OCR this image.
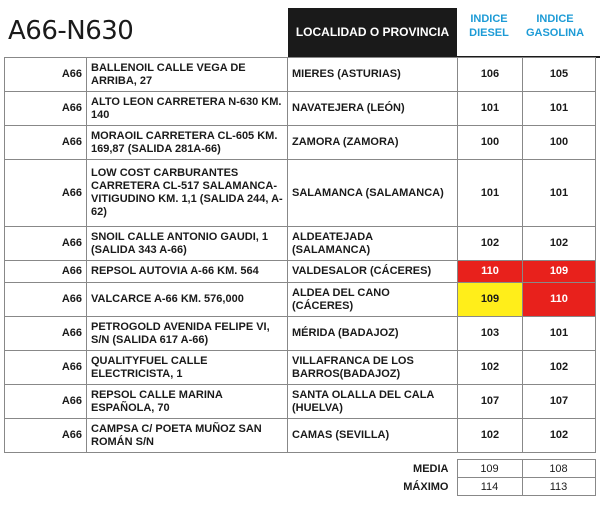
A66-N630	LOCALIDAD O PROVINCIA
INDICE
DIESEL
INDICE
GASOLINA
A66	BALLENOIL CALLE VEGA DE ARRIBA, 27	MIERES (ASTURIAS)	106	105
A66	ALTO LEON CARRETERA N-630 KM. 140	NAVATEJERA (LEÓN)	101	101
A66	MORAOIL CARRETERA CL-605 KM. 169,87 (SALIDA 281A-66)	ZAMORA (ZAMORA)	100	100
A66	LOW COST CARBURANTES CARRETERA CL-517 SALAMANCA-VITIGUDINO KM. 1,1 (SALIDA 244, A-62)	SALAMANCA (SALAMANCA)	101	101
A66	SNOIL CALLE ANTONIO GAUDI, 1 (SALIDA 343 A-66)	ALDEATEJADA (SALAMANCA)	102	102
A66	REPSOL AUTOVIA A-66 KM. 564	VALDESALOR (CÁCERES)	110	109
A66	VALCARCE A-66 KM. 576,000	ALDEA DEL CANO (CÁCERES)	109	110
A66	PETROGOLD AVENIDA FELIPE VI, S/N (SALIDA 617 A-66)	MÉRIDA (BADAJOZ)	103	101
A66	QUALITYFUEL CALLE ELECTRICISTA, 1	VILLAFRANCA DE LOS BARROS(BADAJOZ)	102	102
A66	REPSOL CALLE MARINA ESPAÑOLA, 70	SANTA OLALLA DEL CALA (HUELVA)	107	107
A66	CAMPSA C/ POETA MUÑOZ SAN ROMÁN S/N	CAMAS (SEVILLA)	102	102
MEDIA	109	108
MÁXIMO	114	113
